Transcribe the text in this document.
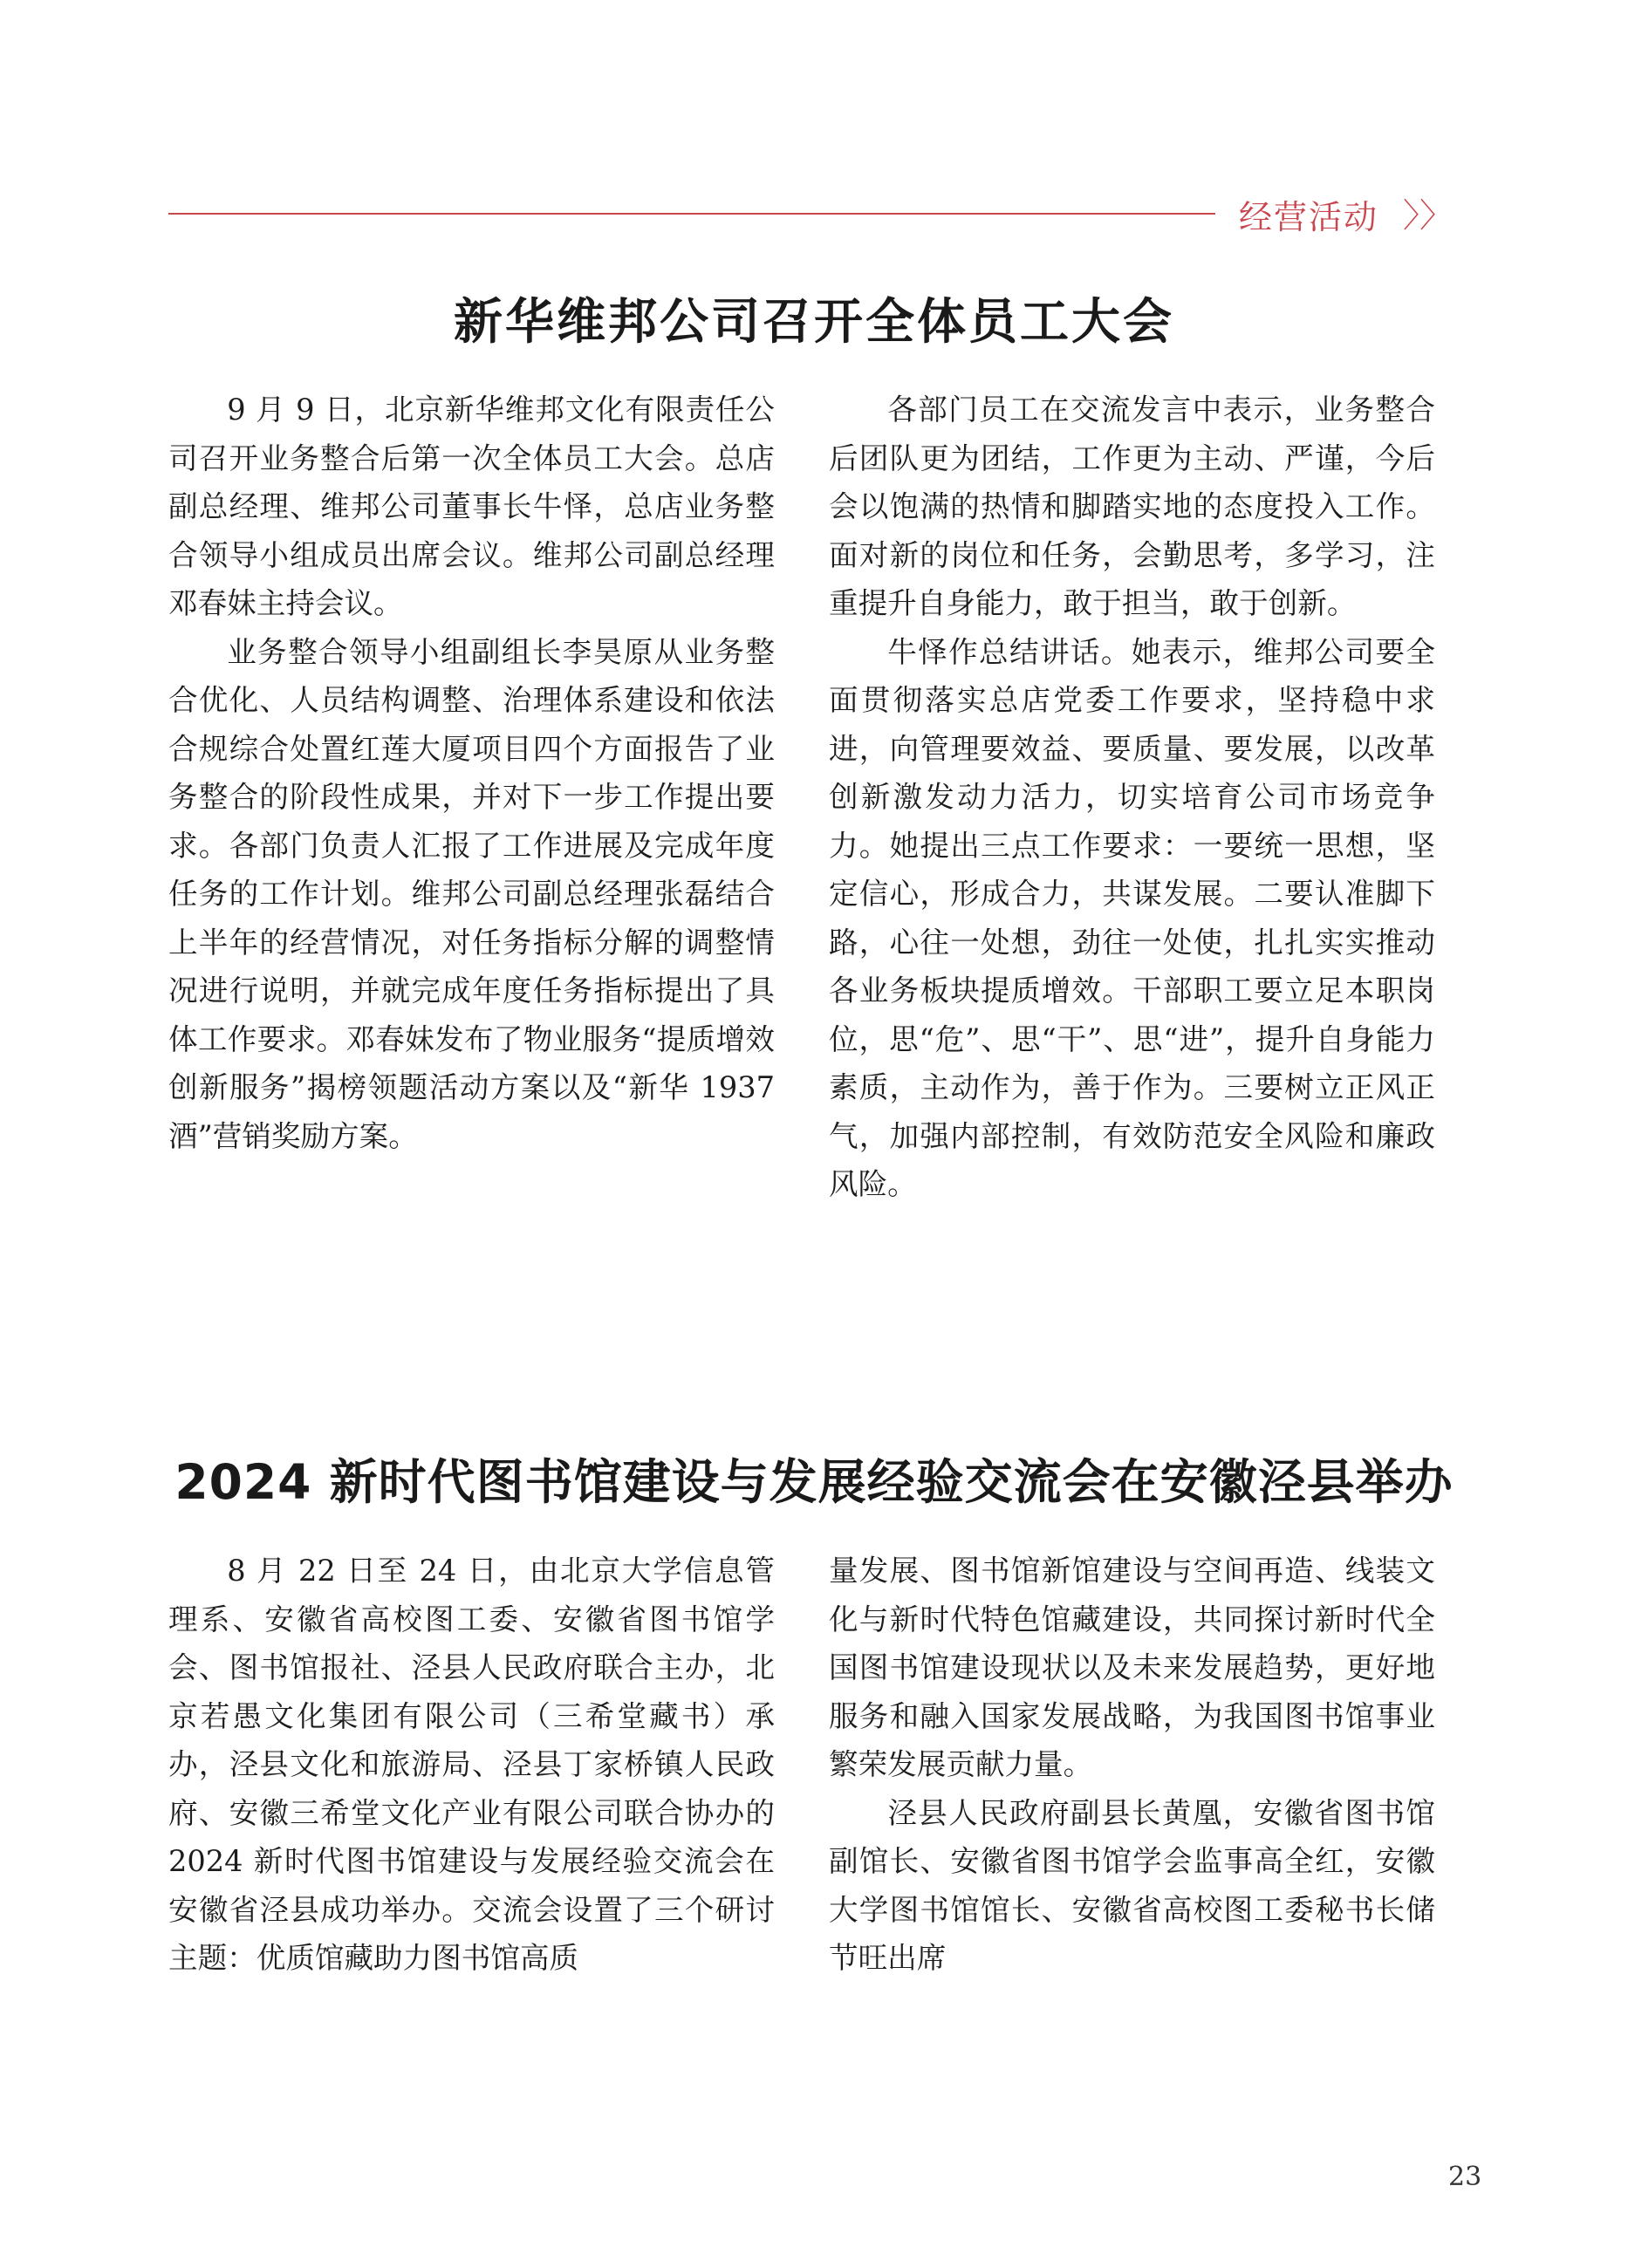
经营活动 〉〉
新华维邦公司召开全体员工大会

9 月 9 日，北京新华维邦文化有限责任公司召开业务整合后第一次全体员工大会。总店副总经理、维邦公司董事长牛怿，总店业务整合领导小组成员出席会议。维邦公司副总经理邓春妹主持会议。

业务整合领导小组副组长李昊原从业务整合优化、人员结构调整、治理体系建设和依法合规综合处置红莲大厦项目四个方面报告了业务整合的阶段性成果，并对下一步工作提出要求。各部门负责人汇报了工作进展及完成年度任务的工作计划。维邦公司副总经理张磊结合上半年的经营情况，对任务指标分解的调整情况进行说明，并就完成年度任务指标提出了具体工作要求。邓春妹发布了物业服务“提质增效 创新服务”揭榜领题活动方案以及“新华 1937 酒”营销奖励方案。

各部门员工在交流发言中表示，业务整合后团队更为团结，工作更为主动、严谨，今后会以饱满的热情和脚踏实地的态度投入工作。面对新的岗位和任务，会勤思考，多学习，注重提升自身能力，敢于担当，敢于创新。

牛怿作总结讲话。她表示，维邦公司要全面贯彻落实总店党委工作要求，坚持稳中求进，向管理要效益、要质量、要发展，以改革创新激发动力活力，切实培育公司市场竞争力。她提出三点工作要求：一要统一思想，坚定信心，形成合力，共谋发展。二要认准脚下路，心往一处想，劲往一处使，扎扎实实推动各业务板块提质增效。干部职工要立足本职岗位，思“危”、思“干”、思“进”，提升自身能力素质，主动作为，善于作为。三要树立正风正气，加强内部控制，有效防范安全风险和廉政风险。

2024 新时代图书馆建设与发展经验交流会在安徽泾县举办

8 月 22 日至 24 日，由北京大学信息管理系、安徽省高校图工委、安徽省图书馆学会、图书馆报社、泾县人民政府联合主办，北京若愚文化集团有限公司（三希堂藏书）承办，泾县文化和旅游局、泾县丁家桥镇人民政府、安徽三希堂文化产业有限公司联合协办的 2024 新时代图书馆建设与发展经验交流会在安徽省泾县成功举办。交流会设置了三个研讨主题：优质馆藏助力图书馆高质

量发展、图书馆新馆建设与空间再造、线装文化与新时代特色馆藏建设，共同探讨新时代全国图书馆建设现状以及未来发展趋势，更好地服务和融入国家发展战略，为我国图书馆事业繁荣发展贡献力量。

泾县人民政府副县长黄凰，安徽省图书馆副馆长、安徽省图书馆学会监事高全红，安徽大学图书馆馆长、安徽省高校图工委秘书长储节旺出席

23
